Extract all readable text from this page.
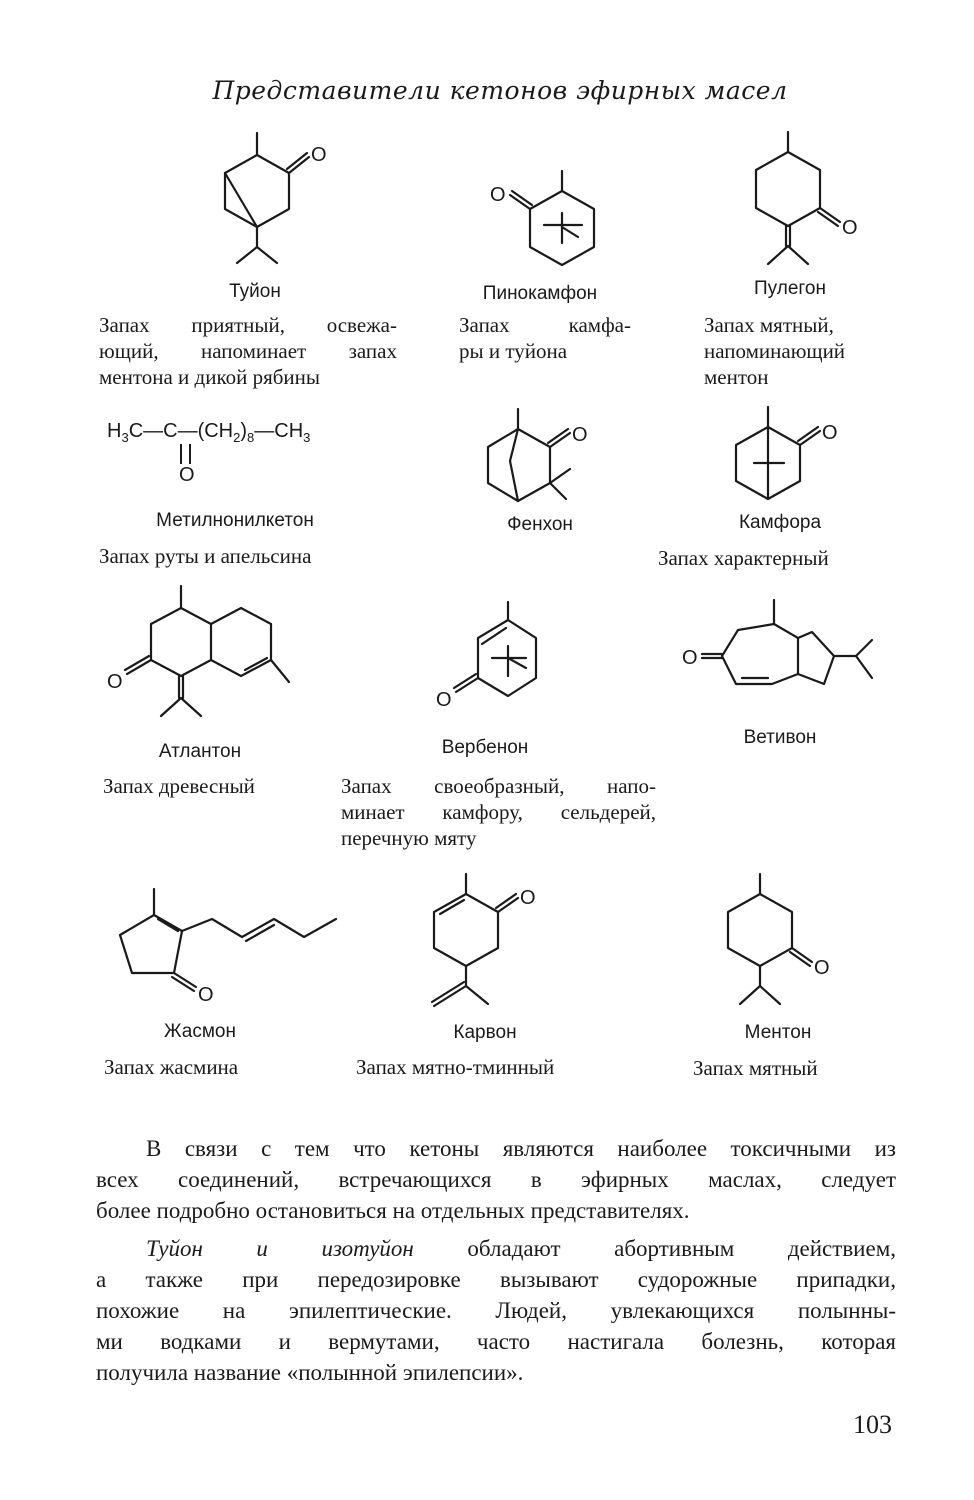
Представители кетонов эфирных масел
O
Туйон
Запах приятный, освежа-
ющий, напоминает запах
ментона и дикой рябины
O
Пинокамфон
Запах камфа-
ры и туйона
O
Пулегон
Запах мятный,
напоминающий
ментон
$H_3C—C—(CH_2)_8—CH_3$
O
Метилнонилкетон
Запах руты и апельсина
O
Фенхон
O
Камфора
Запах характерный
O
Атлантон
Запах древесный
O
Вербенон
Запах своеобразный, напо-
минает камфору, сельдерей,
перечную мяту
O
Ветивон
O
Жасмон
Запах жасмина
O
Карвон
Запах мятно-тминный
O
Ментон
Запах мятный
В связи с тем что кетоны являются наиболее токсичными из
всех соединений, встречающихся в эфирных маслах, следует
более подробно остановиться на отдельных представителях.
Туйон и изотуйон обладают абортивным действием,
а также при передозировке вызывают судорожные припадки,
похожие на эпилептические. Людей, увлекающихся полынны-
ми водками и вермутами, часто настигала болезнь, которая
получила название «полынной эпилепсии».
103
